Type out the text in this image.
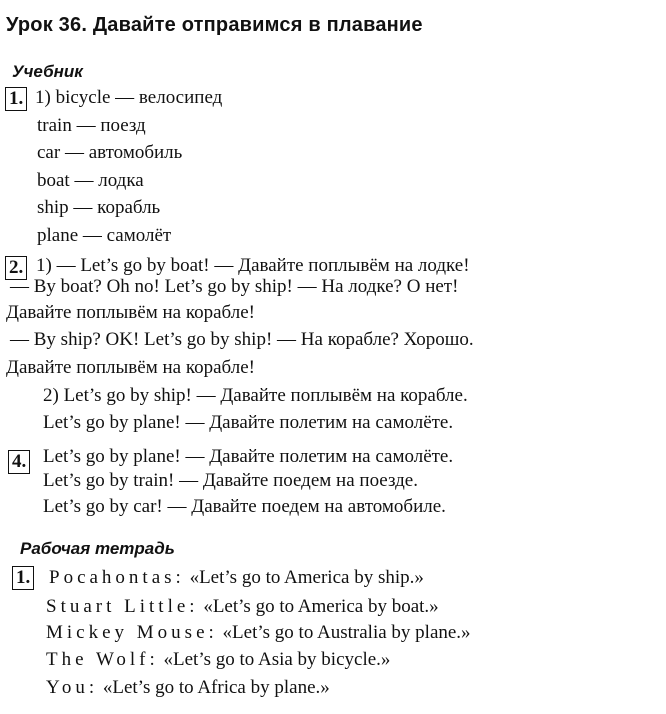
Урок 36. Давайте отправимся в плавание
Учебник
1. 1) bicycle — велосипед
train — поезд
car — автомобиль
boat — лодка
ship — корабль
plane — самолёт
2. 1) — Let’s go by boat! — Давайте поплывём на лодке!
— By boat? Oh no! Let’s go by ship! — На лодке? О нет!
Давайте поплывём на корабле!
— By ship? OK! Let’s go by ship! — На корабле? Хорошо.
Давайте поплывём на корабле!
2) Let’s go by ship! — Давайте поплывём на корабле.
Let’s go by plane! — Давайте полетим на самолёте.
4. Let’s go by plane! — Давайте полетим на самолёте.
Let’s go by train! — Давайте поедем на поезде.
Let’s go by car! — Давайте поедем на автомобиле.
Рабочая тетрадь
1. Pocahontas: «Let’s go to America by ship.»
Stuart Little: «Let’s go to America by boat.»
Mickey Mouse: «Let’s go to Australia by plane.»
The Wolf: «Let’s go to Asia by bicycle.»
You: «Let’s go to Africa by plane.»
